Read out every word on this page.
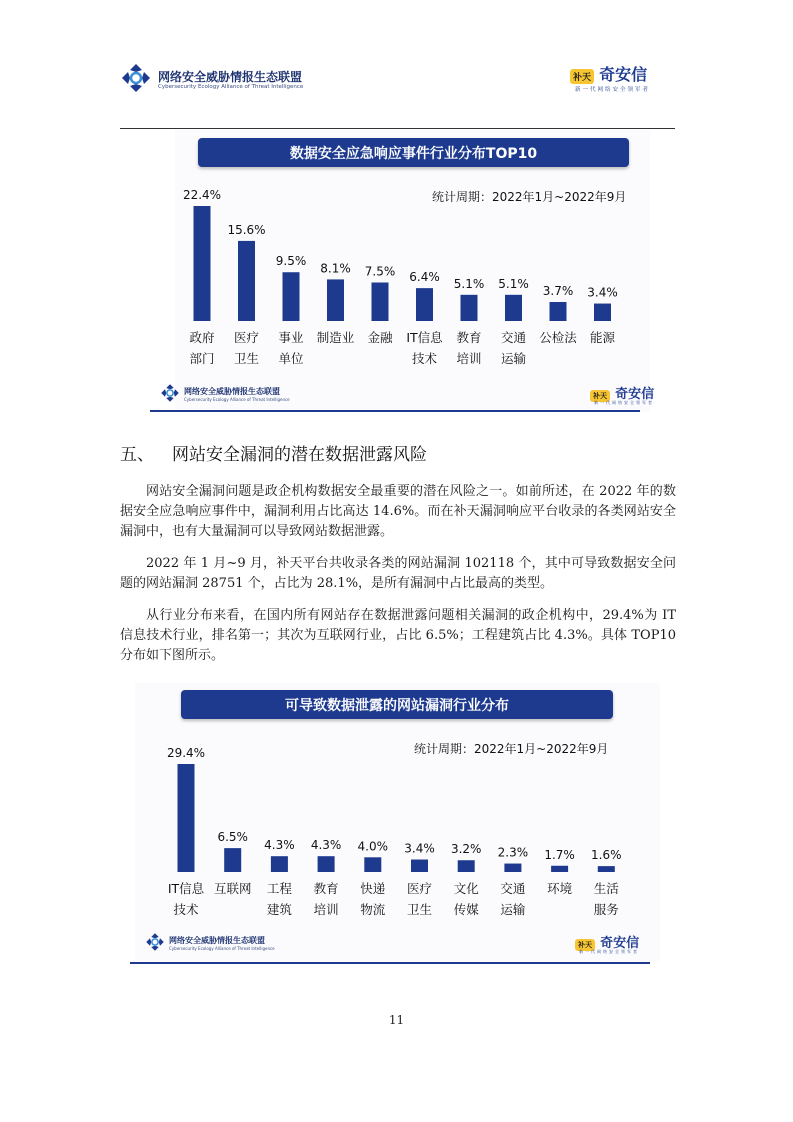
网络安全威胁情报生态联盟
Cybersecurity Ecology Alliance of Threat Intelligence
补天 奇安信
新一代网络安全领军者
数据安全应急响应事件行业分布TOP10
统计周期：2022年1月~2022年9月
22.4%
政府
部门
15.6%
医疗
卫生
9.5%
事业
单位
8.1%
制造业
7.5%
金融
6.4%
IT信息
技术
5.1%
教育
培训
5.1%
交通
运输
3.7%
公检法
3.4%
能源
网络安全威胁情报生态联盟
Cybersecurity Ecology Alliance of Threat Intelligence	补天 奇安信
新一代网络安全领军者
五、 网站安全漏洞的潜在数据泄露风险

网站安全漏洞问题是政企机构数据安全最重要的潜在风险之一。如前所述，在 2022 年的数据安全应急响应事件中，漏洞利用占比高达 14.6%。而在补天漏洞响应平台收录的各类网站安全漏洞中，也有大量漏洞可以导致网站数据泄露。

2022 年 1 月~9 月，补天平台共收录各类的网站漏洞 102118 个，其中可导致数据安全问题的网站漏洞 28751 个，占比为 28.1%，是所有漏洞中占比最高的类型。

从行业分布来看，在国内所有网站存在数据泄露问题相关漏洞的政企机构中，29.4%为 IT 信息技术行业，排名第一；其次为互联网行业，占比 6.5%；工程建筑占比 4.3%。具体 TOP10 分布如下图所示。

可导致数据泄露的网站漏洞行业分布
统计周期：2022年1月~2022年9月
29.4%
IT信息
技术
6.5%
互联网
4.3%
工程
建筑
4.3%
教育
培训
4.0%
快递
物流
3.4%
医疗
卫生
3.2%
文化
传媒
2.3%
交通
运输
1.7%
环境
1.6%
生活
服务
网络安全威胁情报生态联盟
Cybersecurity Ecology Alliance of Threat Intelligence	补天 奇安信
新一代网络安全领军者
11
